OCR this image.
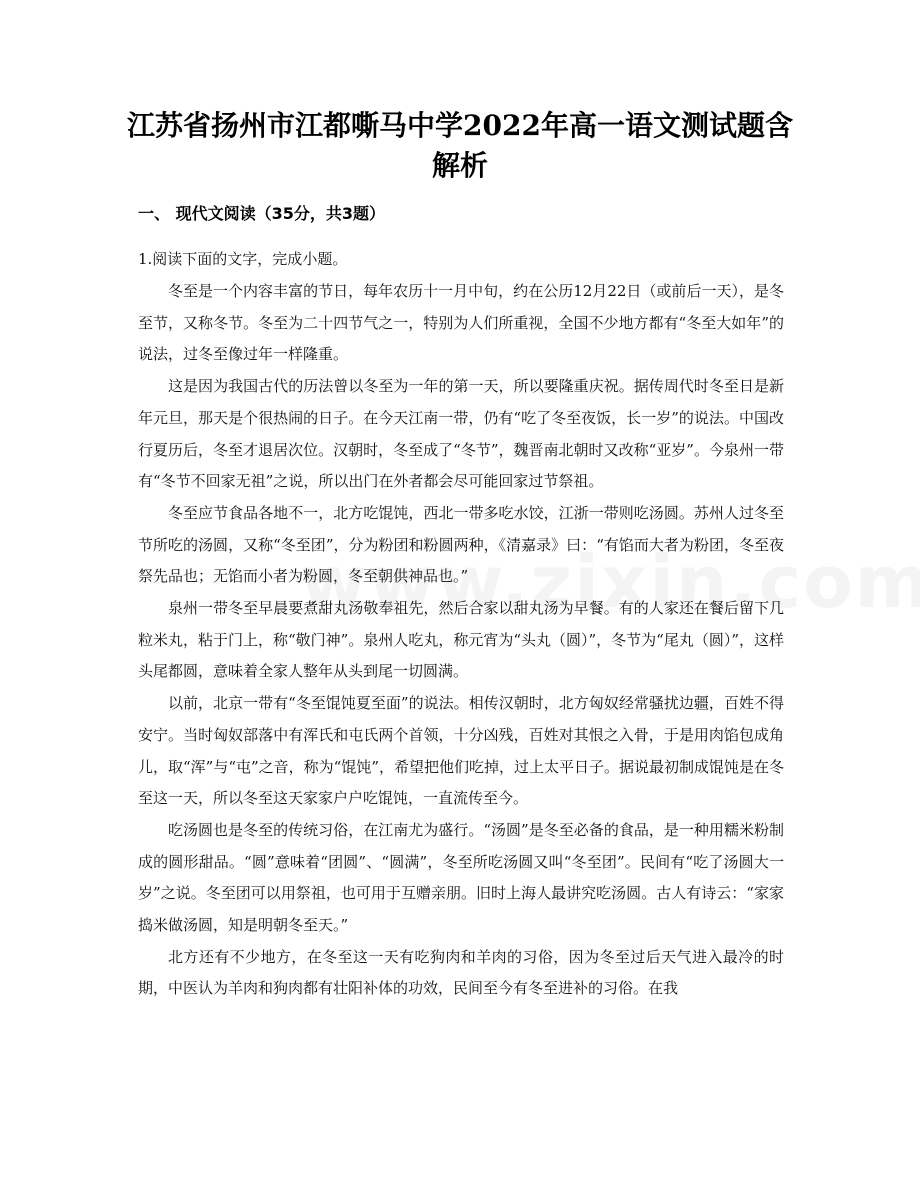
江苏省扬州市江都嘶马中学2022年高一语文测试题含解析
一、 现代文阅读（35分，共3题）
1.阅读下面的文字，完成小题。

冬至是一个内容丰富的节日，每年农历十一月中旬，约在公历12月22日（或前后一天），是冬至节，又称冬节。冬至为二十四节气之一，特别为人们所重视，全国不少地方都有“冬至大如年”的说法，过冬至像过年一样隆重。

这是因为我国古代的历法曾以冬至为一年的第一天，所以要隆重庆祝。据传周代时冬至日是新年元旦，那天是个很热闹的日子。在今天江南一带，仍有“吃了冬至夜饭，长一岁”的说法。中国改行夏历后，冬至才退居次位。汉朝时，冬至成了“冬节”，魏晋南北朝时又改称“亚岁”。今泉州一带有“冬节不回家无祖”之说，所以出门在外者都会尽可能回家过节祭祖。

冬至应节食品各地不一，北方吃馄饨，西北一带多吃水饺，江浙一带则吃汤圆。苏州人过冬至节所吃的汤圆，又称“冬至团”，分为粉团和粉圆两种，《清嘉录》曰：“有馅而大者为粉团，冬至夜祭先品也；无馅而小者为粉圆，冬至朝供神品也。”

泉州一带冬至早晨要煮甜丸汤敬奉祖先，然后合家以甜丸汤为早餐。有的人家还在餐后留下几粒米丸，粘于门上，称“敬门神”。泉州人吃丸，称元宵为“头丸（圆）”，冬节为“尾丸（圆）”，这样头尾都圆，意味着全家人整年从头到尾一切圆满。

以前，北京一带有“冬至馄饨夏至面”的说法。相传汉朝时，北方匈奴经常骚扰边疆，百姓不得安宁。当时匈奴部落中有浑氏和屯氏两个首领，十分凶残，百姓对其恨之入骨，于是用肉馅包成角儿，取“浑”与“屯”之音，称为“馄饨”，希望把他们吃掉，过上太平日子。据说最初制成馄饨是在冬至这一天，所以冬至这天家家户户吃馄饨，一直流传至今。

吃汤圆也是冬至的传统习俗，在江南尤为盛行。“汤圆”是冬至必备的食品，是一种用糯米粉制成的圆形甜品。“圆”意味着“团圆”、“圆满”，冬至所吃汤圆又叫“冬至团”。民间有“吃了汤圆大一岁”之说。冬至团可以用祭祖，也可用于互赠亲朋。旧时上海人最讲究吃汤圆。古人有诗云：“家家捣米做汤圆，知是明朝冬至天。”

北方还有不少地方，在冬至这一天有吃狗肉和羊肉的习俗，因为冬至过后天气进入最冷的时期，中医认为羊肉和狗肉都有壮阳补体的功效，民间至今有冬至进补的习俗。在我
